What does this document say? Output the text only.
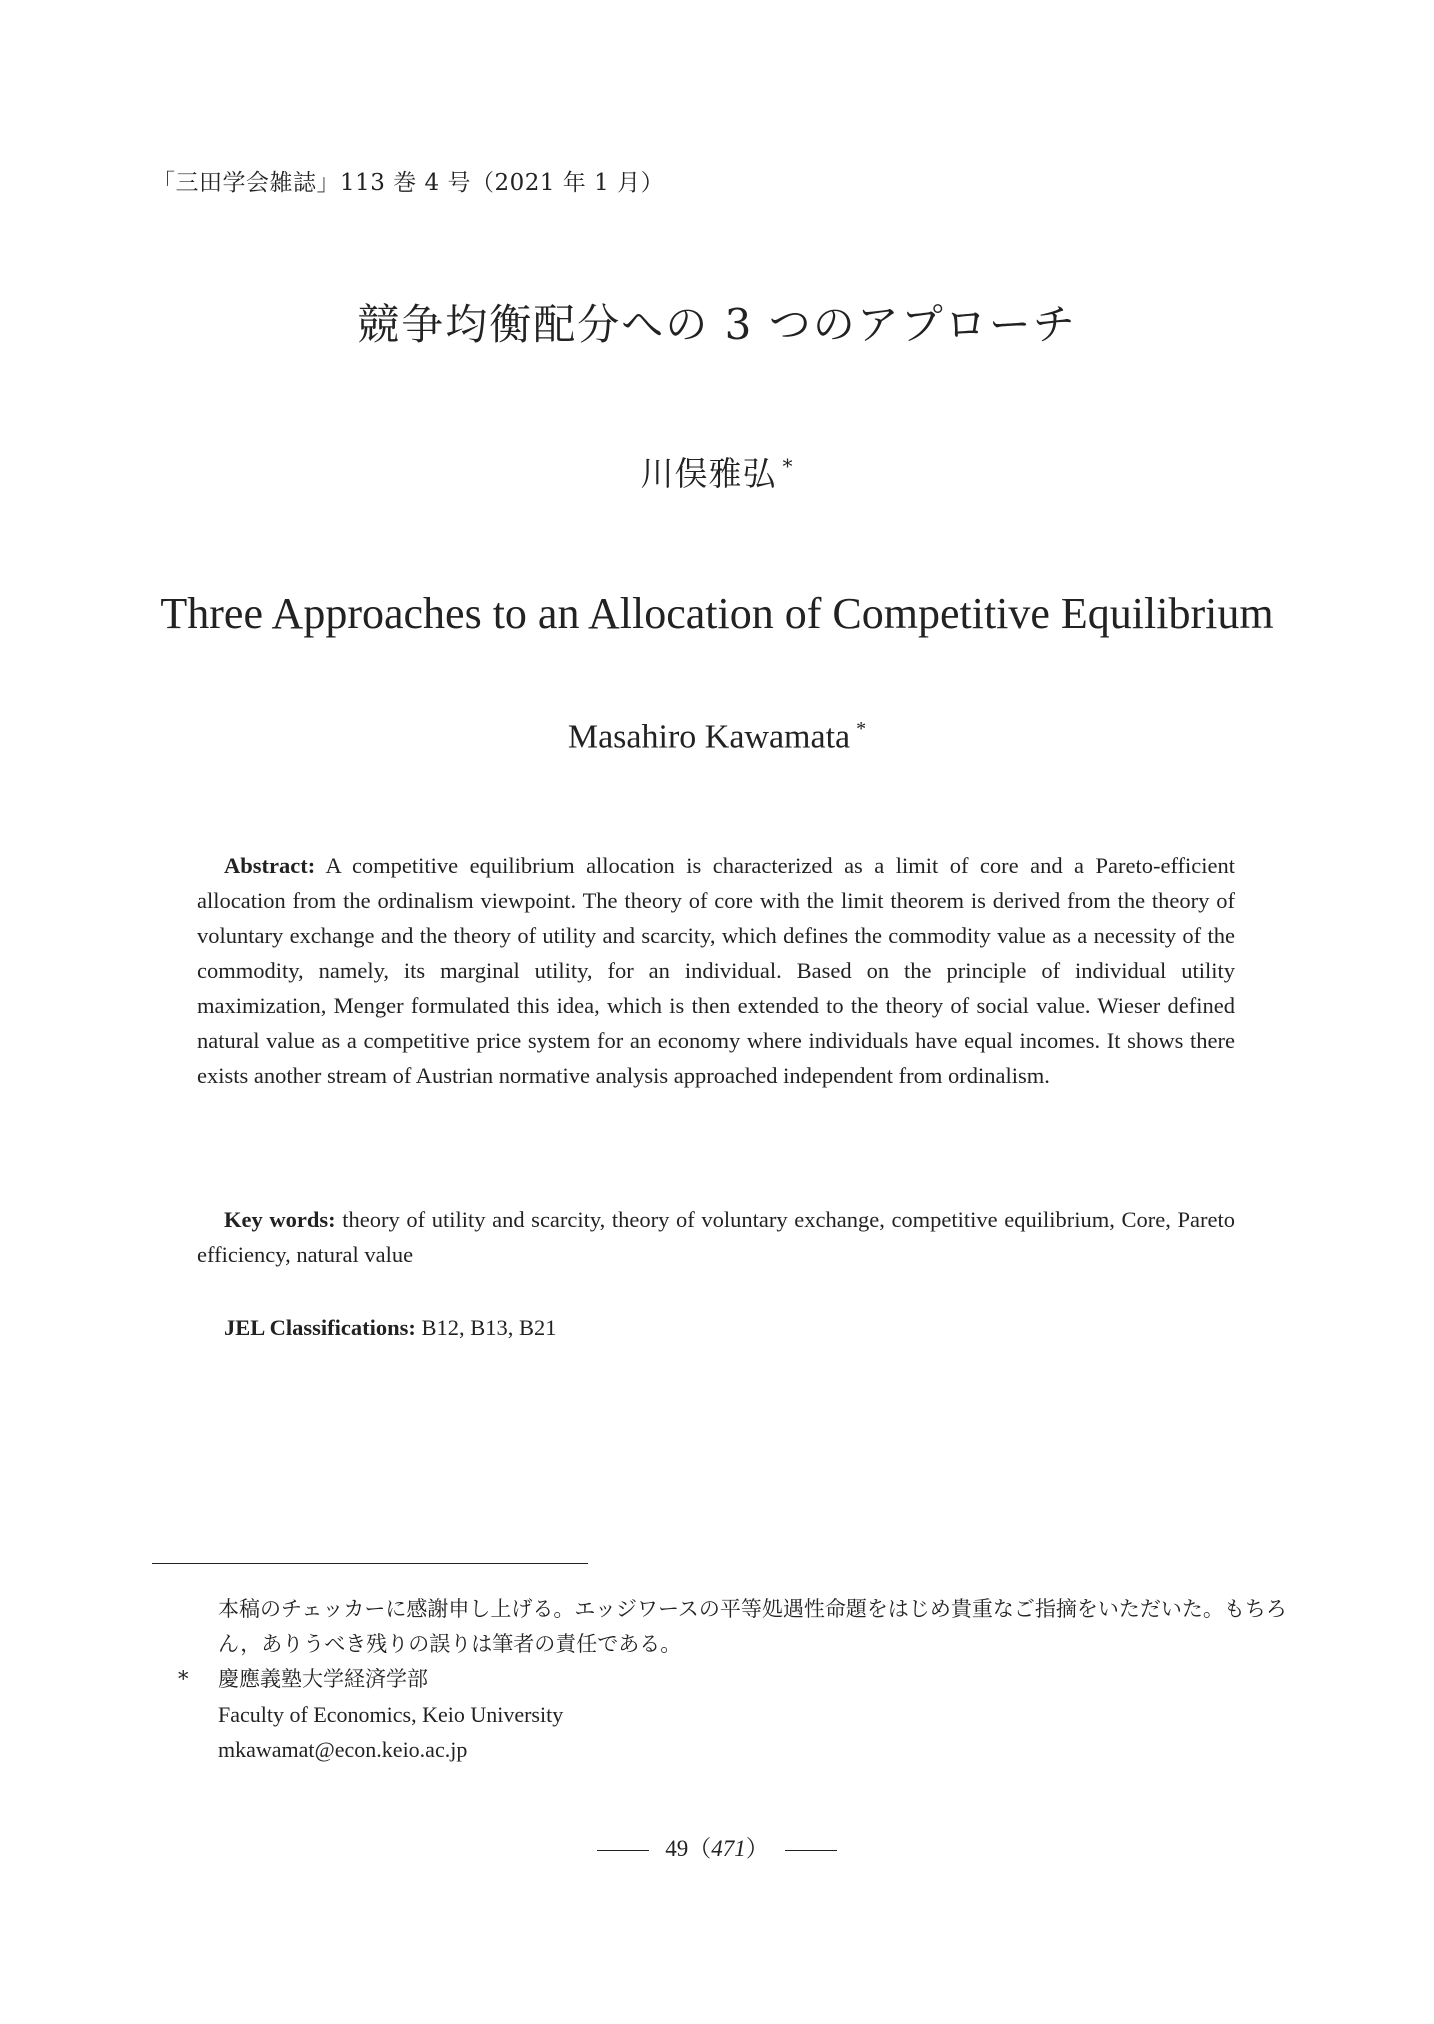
「三田学会雑誌」113 巻 4 号（2021 年 1 月）
競争均衡配分への 3 つのアプローチ
川俣雅弘 *
Three Approaches to an Allocation of Competitive Equilibrium
Masahiro Kawamata *
Abstract: A competitive equilibrium allocation is characterized as a limit of core and a Pareto-efficient allocation from the ordinalism viewpoint. The theory of core with the limit theorem is derived from the theory of voluntary exchange and the theory of utility and scarcity, which defines the commodity value as a necessity of the commodity, namely, its marginal utility, for an individual. Based on the principle of individual utility maximization, Menger formulated this idea, which is then extended to the theory of social value. Wieser defined natural value as a competitive price system for an economy where individuals have equal incomes. It shows there exists another stream of Austrian normative analysis approached independent from ordinalism.
Key words: theory of utility and scarcity, theory of voluntary exchange, competitive equilibrium, Core, Pareto efficiency, natural value
JEL Classifications: B12, B13, B21
本稿のチェッカーに感謝申し上げる。エッジワースの平等処遇性命題をはじめ貴重なご指摘をいただいた。もちろん，ありうべき残りの誤りは筆者の責任である。
* 慶應義塾大学経済学部
Faculty of Economics, Keio University
mkawamat@econ.keio.ac.jp
49（471）
